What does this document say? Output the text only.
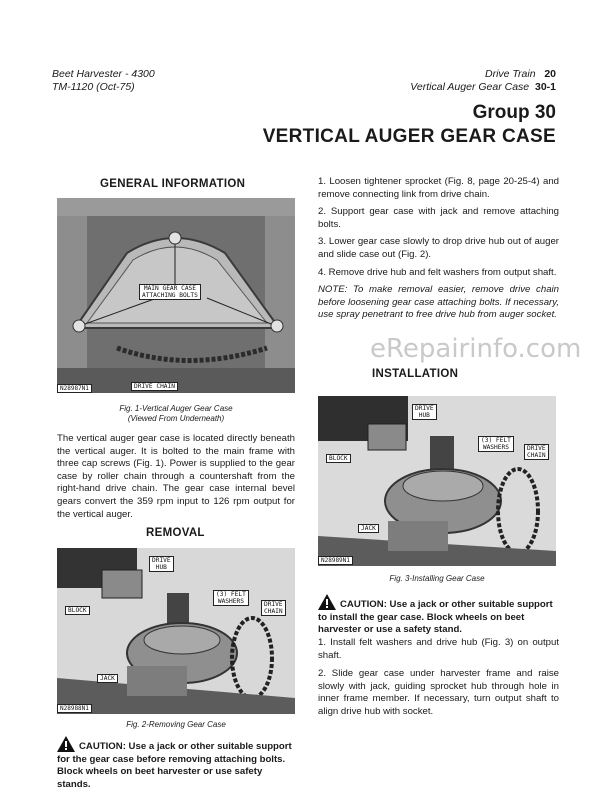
Beet Harvester - 4300
TM-1120 (Oct-75)
Drive Train 20
Vertical Auger Gear Case 30-1
Group 30
VERTICAL AUGER GEAR CASE
GENERAL INFORMATION
MAIN GEAR CASE
ATTACHING BOLTS
DRIVE CHAIN
N28987N1
Fig. 1-Vertical Auger Gear Case
(Viewed From Underneath)
The vertical auger gear case is located directly beneath the vertical auger. It is bolted to the main frame with three cap screws (Fig. 1). Power is supplied to the gear case by roller chain through a countershaft from the right-hand drive chain. The gear case internal bevel gears convert the 359 rpm input to 126 rpm output for the vertical auger.
REMOVAL
DRIVE
HUB
(3) FELT
WASHERS	DRIVE
CHAIN
BLOCK
JACK
N28988N1
Fig. 2-Removing Gear Case
CAUTION: Use a jack or other suitable support for the gear case before removing attaching bolts. Block wheels on beet harvester or use safety stands.
1. Loosen tightener sprocket (Fig. 8, page 20-25-4) and remove connecting link from drive chain.
2. Support gear case with jack and remove attaching bolts.
3. Lower gear case slowly to drop drive hub out of auger and slide case out (Fig. 2).
4. Remove drive hub and felt washers from output shaft.
NOTE: To make removal easier, remove drive chain before loosening gear case attaching bolts. If necessary, use spray penetrant to free drive hub from auger socket.
eRepairinfo.com
INSTALLATION
DRIVE
HUB
(3) FELT
WASHERS	DRIVE
CHAIN
BLOCK
JACK
N28989N1
Fig. 3-Installing Gear Case
CAUTION: Use a jack or other suitable support to install the gear case. Block wheels on beet harvester or use a safety stand.
1. Install felt washers and drive hub (Fig. 3) on output shaft.
2. Slide gear case under harvester frame and raise slowly with jack, guiding sprocket hub through hole in inner frame member. If necessary, turn output shaft to align drive hub with socket.
